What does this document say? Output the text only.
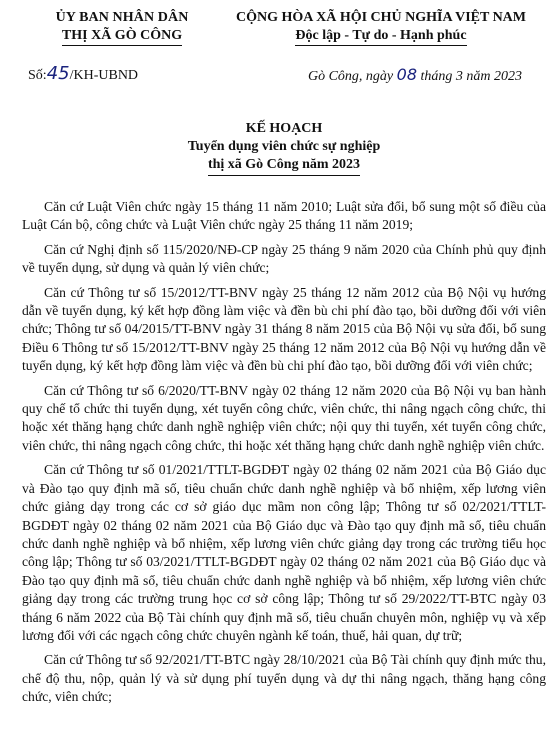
ỦY BAN NHÂN DÂN
THỊ XÃ GÒ CÔNG
CỘNG HÒA XÃ HỘI CHỦ NGHĨA VIỆT NAM
Độc lập - Tự do - Hạnh phúc
Số:45/KH-UBND	Gò Công, ngày 08 tháng 3 năm 2023
KẾ HOẠCH
Tuyển dụng viên chức sự nghiệp
thị xã Gò Công năm 2023

Căn cứ Luật Viên chức ngày 15 tháng 11 năm 2010; Luật sửa đổi, bổ sung một số điều của Luật Cán bộ, công chức và Luật Viên chức ngày 25 tháng 11 năm 2019;

Căn cứ Nghị định số 115/2020/NĐ-CP ngày 25 tháng 9 năm 2020 của Chính phủ quy định về tuyển dụng, sử dụng và quản lý viên chức;

Căn cứ Thông tư số 15/2012/TT-BNV ngày 25 tháng 12 năm 2012 của Bộ Nội vụ hướng dẫn về tuyển dụng, ký kết hợp đồng làm việc và đền bù chi phí đào tạo, bồi dưỡng đối với viên chức; Thông tư số 04/2015/TT-BNV ngày 31 tháng 8 năm 2015 của Bộ Nội vụ sửa đổi, bổ sung Điều 6 Thông tư số 15/2012/TT-BNV ngày 25 tháng 12 năm 2012 của Bộ Nội vụ hướng dẫn về tuyển dụng, ký kết hợp đồng làm việc và đền bù chi phí đào tạo, bồi dưỡng đối với viên chức;

Căn cứ Thông tư số 6/2020/TT-BNV ngày 02 tháng 12 năm 2020 của Bộ Nội vụ ban hành quy chế tổ chức thi tuyển dụng, xét tuyển công chức, viên chức, thi nâng ngạch công chức, thi hoặc xét thăng hạng chức danh nghề nghiệp viên chức; nội quy thi tuyển, xét tuyển công chức, viên chức, thi nâng ngạch công chức, thi hoặc xét thăng hạng chức danh nghề nghiệp viên chức.

Căn cứ Thông tư số 01/2021/TTLT-BGDĐT ngày 02 tháng 02 năm 2021 của Bộ Giáo dục và Đào tạo quy định mã số, tiêu chuẩn chức danh nghề nghiệp và bổ nhiệm, xếp lương viên chức giảng dạy trong các cơ sở giáo dục mầm non công lập; Thông tư số 02/2021/TTLT-BGDĐT ngày 02 tháng 02 năm 2021 của Bộ Giáo dục và Đào tạo quy định mã số, tiêu chuẩn chức danh nghề nghiệp và bổ nhiệm, xếp lương viên chức giảng dạy trong các trường tiểu học công lập; Thông tư số 03/2021/TTLT-BGDĐT ngày 02 tháng 02 năm 2021 của Bộ Giáo dục và Đào tạo quy định mã số, tiêu chuẩn chức danh nghề nghiệp và bổ nhiệm, xếp lương viên chức giảng dạy trong các trường trung học cơ sở công lập; Thông tư số 29/2022/TT-BTC ngày 03 tháng 6 năm 2022 của Bộ Tài chính quy định mã số, tiêu chuẩn chuyên môn, nghiệp vụ và xếp lương đối với các ngạch công chức chuyên ngành kế toán, thuế, hải quan, dự trữ;

Căn cứ Thông tư số 92/2021/TT-BTC ngày 28/10/2021 của Bộ Tài chính quy định mức thu, chế độ thu, nộp, quản lý và sử dụng phí tuyển dụng và dự thi nâng ngạch, thăng hạng công chức, viên chức;
